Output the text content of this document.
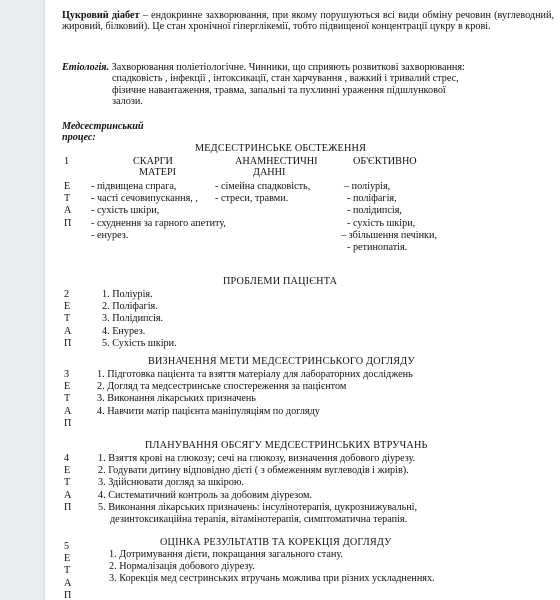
Цукровий діабет – ендокринне захворювання, при якому порушуються всі види обміну речовин (вуглеводний, жировий, білковий). Це стан хронічної гіперглікемії, тобто підвищеної концентрації цукру в крові.
Етіологія. Захворювання поліетіологічне. Чинники, що сприяють розвиткові захворювання:
спадковість , інфекції , інтоксикації, стан харчування , важкий і тривалий стрес,
фізичне навантаження, травма, запальні та пухлинні ураження підшлункової
залози.
Медсестринський
процес:
МЕДСЕСТРИНСЬКЕ ОБСТЕЖЕННЯ
1	СКАРГИ
МАТЕРІ
АНАМНЕСТИЧНІ
ДАННІ
ОБ'ЄКТИВНО
Е
Т
А
П
- підвищена спрага,
- часті сечовипускання, ,
- сухість шкіри,
- схуднення за гарного апетиту,
- енурез.
- сімейна спадковість,
- стреси, травми.
– поліурія,
- поліфагія,
- полідипсія,
- сухість шкіри,
– збільшення печінки,
- ретинопатія.
ПРОБЛЕМИ ПАЦІЄНТА
2
Е
Т
А
П
1. Поліурія.
2. Поліфагія.
3. Полідипсія.
4. Енурез.
5. Сухість шкіри.
ВИЗНАЧЕННЯ МЕТИ МЕДСЕСТРИНСЬКОГО ДОГЛЯДУ
3
Е
Т
А
П
1. Підготовка пацієнта та взяття матеріалу для лабораторних досліджень
2. Догляд та медсестринське спостереження за пацієнтом
3. Виконання лікарських призначень
4. Навчити матір пацієнта маніпуляціям по догляду
ПЛАНУВАННЯ ОБСЯГУ МЕДСЕСТРИНСЬКИХ ВТРУЧАНЬ
4
Е
Т
А
П
1. Взяття крові на глюкозу; сечі на глюкозу, визначення добового діурезу.
2. Годувати дитину відповідно дієті ( з обмеженням вуглеводів і жирів).
3. Здійснювати догляд за шкірою.
4. Систематичний контроль за добовим діурезом.
5. Виконання лікарських призначень: інсулінотерапія, цукрознижувальні,
дезинтоксикаційна терапія, вітамінотерапія, симптоматична терапія.
ОЦІНКА РЕЗУЛЬТАТІВ ТА КОРЕКЦІЯ ДОГЛЯДУ
5
Е
Т
А
П
1. Дотримування дієти, покращання загального стану.
2. Нормалізація добового діурезу.
3. Корекція мед сестринських втручань можлива при різних ускладненнях.
